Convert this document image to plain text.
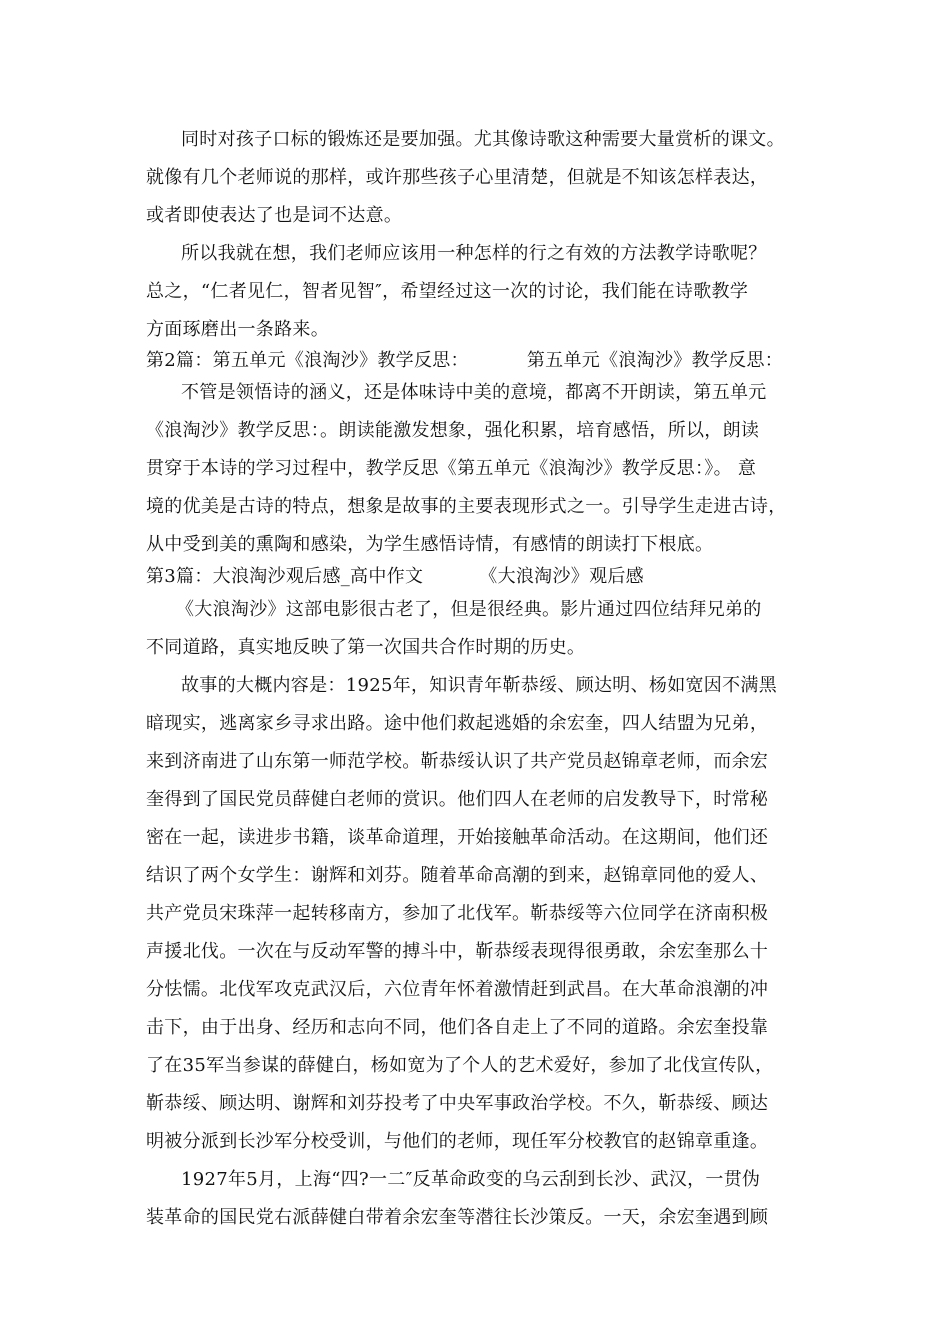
同时对孩子口标的锻炼还是要加强。尤其像诗歌这种需要大量赏析的课文。
就像有几个老师说的那样，或许那些孩子心里清楚，但就是不知该怎样表达，
或者即使表达了也是词不达意。
所以我就在想，我们老师应该用一种怎样的行之有效的方法教学诗歌呢？
总之，“仁者见仁，智者见智″，希望经过这一次的讨论，我们能在诗歌教学
方面琢磨出一条路来。
第2篇：第五单元《浪淘沙》教学反思：	第五单元《浪淘沙》教学反思：
不管是领悟诗的涵义，还是体味诗中美的意境，都离不开朗读，第五单元
《浪淘沙》教学反思：。朗读能激发想象，强化积累，培育感悟，所以，朗读
贯穿于本诗的学习过程中，教学反思《第五单元《浪淘沙》教学反思：》。 意
境的优美是古诗的特点，想象是故事的主要表现形式之一。引导学生走进古诗，
从中受到美的熏陶和感染，为学生感悟诗情，有感情的朗读打下根底。
第3篇：大浪淘沙观后感_高中作文	《大浪淘沙》观后感
《大浪淘沙》这部电影很古老了，但是很经典。影片通过四位结拜兄弟的
不同道路，真实地反映了第一次国共合作时期的历史。
故事的大概内容是：1925年，知识青年靳恭绥、顾达明、杨如宽因不满黑
暗现实，逃离家乡寻求出路。途中他们救起逃婚的余宏奎，四人结盟为兄弟，
来到济南进了山东第一师范学校。靳恭绥认识了共产党员赵锦章老师，而余宏
奎得到了国民党员薛健白老师的赏识。他们四人在老师的启发教导下，时常秘
密在一起，读进步书籍，谈革命道理，开始接触革命活动。在这期间，他们还
结识了两个女学生：谢辉和刘芬。随着革命高潮的到来，赵锦章同他的爱人、
共产党员宋珠萍一起转移南方，参加了北伐军。靳恭绥等六位同学在济南积极
声援北伐。一次在与反动军警的搏斗中，靳恭绥表现得很勇敢，余宏奎那么十
分怯懦。北伐军攻克武汉后，六位青年怀着激情赶到武昌。在大革命浪潮的冲
击下，由于出身、经历和志向不同，他们各自走上了不同的道路。余宏奎投靠
了在35军当参谋的薛健白，杨如宽为了个人的艺术爱好，参加了北伐宣传队，
靳恭绥、顾达明、谢辉和刘芬投考了中央军事政治学校。不久，靳恭绥、顾达
明被分派到长沙军分校受训，与他们的老师，现任军分校教官的赵锦章重逢。
1927年5月，上海“四?一二″反革命政变的乌云刮到长沙、武汉，一贯伪
装革命的国民党右派薛健白带着余宏奎等潜往长沙策反。一天，余宏奎遇到顾
